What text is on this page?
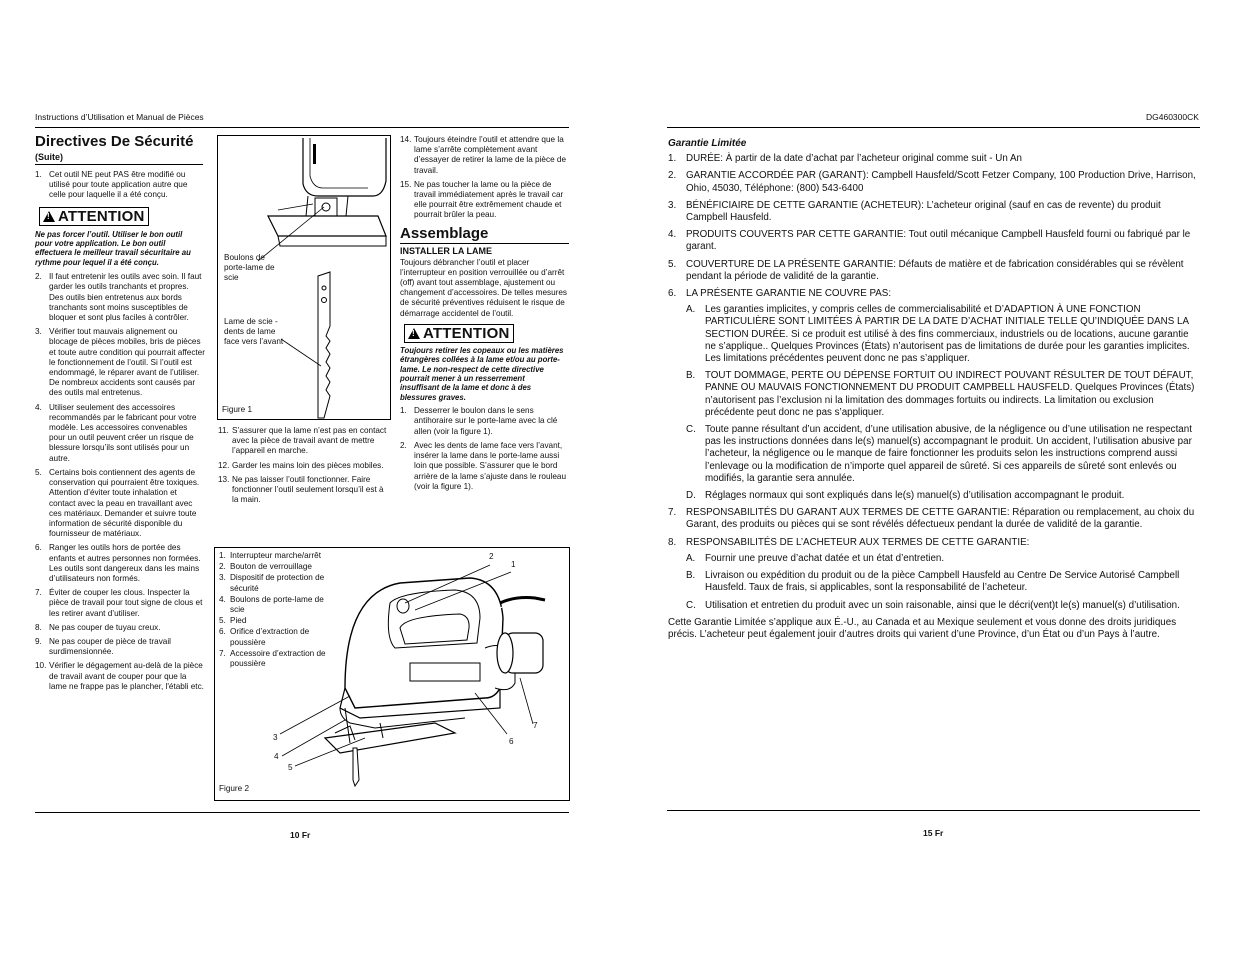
Instructions d’Utilisation et Manual de Pièces
Directives De Sécurité
(Suite)
1. Cet outil NE peut PAS être modifié ou utilisé pour toute application autre que celle pour laquelle il a été conçu.
!
ATTENTION
Ne pas forcer l’outil. Utiliser le bon outil pour votre application. Le bon outil effectuera le meilleur travail sécuritaire au rythme pour lequel il a été conçu.
2. Il faut entretenir les outils avec soin. Il faut garder les outils tranchants et propres. Des outils bien entretenus aux bords tranchants sont moins susceptibles de bloquer et sont plus faciles à contrôler.
3. Vérifier tout mauvais alignement ou blocage de pièces mobiles, bris de pièces et toute autre condition qui pourrait affecter le fonctionnement de l’outil. Si l’outil est endommagé, le réparer avant de l’utiliser. De nombreux accidents sont causés par des outils mal entretenus.
4. Utiliser seulement des accessoires recommandés par le fabricant pour votre modèle. Les accessoires convenables pour un outil peuvent créer un risque de blessure lorsqu’ils sont utilisés pour un autre.
5. Certains bois contiennent des agents de conservation qui pourraient être toxiques. Attention d’éviter toute inhalation et contact avec la peau en travaillant avec ces matériaux. Demander et suivre toute information de sécurité disponible du fournisseur de matériaux.
6. Ranger les outils hors de portée des enfants et autres personnes non formées. Les outils sont dangereux dans les mains d’utilisateurs non formés.
7. Éviter de couper les clous. Inspecter la pièce de travail pour tout signe de clous et les retirer avant d’utiliser.
8. Ne pas couper de tuyau creux.
9. Ne pas couper de pièce de travail surdimensionnée.
10. Vérifier le dégagement au-delà de la pièce de travail avant de couper pour que la lame ne frappe pas le plancher, l'établi etc.
Boulons de porte-lame de scie
Lame de scie - dents de lame face vers l’avant
Figure 1
11. S’assurer que la lame n’est pas en contact avec la pièce de travail avant de mettre l’appareil en marche.
12. Garder les mains loin des pièces mobiles.
13. Ne pas laisser l’outil fonctionner. Faire fonctionner l’outil seulement lorsqu’il est à la main.
14. Toujours éteindre l’outil et attendre que la lame s’arrête complètement avant d’essayer de retirer la lame de la pièce de travail.
15. Ne pas toucher la lame ou la pièce de travail immédiatement après le travail car elle pourrait être extrêmement chaude et pourrait brûler la peau.
Assemblage
INSTALLER LA LAME
Toujours débrancher l’outil et placer l’interrupteur en position verrouillée ou d’arrêt (off) avant tout assemblage, ajustement ou changement d’accessoires. De telles mesures de sécurité préventives réduisent le risque de démarrage accidentel de l’outil.
!
ATTENTION
Toujours retirer les copeaux ou les matières étrangères collées à la lame et/ou au porte-lame. Le non-respect de cette directive pourrait mener à un resserrement insuffisant de la lame et donc à des blessures graves.
1. Desserrer le boulon dans le sens antihoraire sur le porte-lame avec la clé allen (voir la figure 1).
2. Avec les dents de lame face vers l’avant, insérer la lame dans le porte-lame aussi loin que possible. S’assurer que le bord arrière de la lame s’ajuste dans le rouleau (voir la figure 1).
1. Interrupteur marche/arrêt
2. Bouton de verrouillage
3. Dispositif de protection de sécurité
4. Boulons de porte-lame de scie
5. Pied
6. Orifice d’extraction de poussière
7. Accessoire d’extraction de poussière
2
1
3
4
5
6
7
Figure 2
10 Fr
DG460300CK
Garantie Limitée
1. DURÉE: À partir de la date d’achat par l’acheteur original comme suit - Un An
2. GARANTIE ACCORDÉE PAR (GARANT): Campbell Hausfeld/Scott Fetzer Company, 100 Production Drive, Harrison, Ohio, 45030, Téléphone: (800) 543-6400
3. BÉNÉFICIAIRE DE CETTE GARANTIE (ACHETEUR): L’acheteur original (sauf en cas de revente) du produit Campbell Hausfeld.
4. PRODUITS COUVERTS PAR CETTE GARANTIE: Tout outil mécanique Campbell Hausfeld fourni ou fabriqué par le garant.
5. COUVERTURE DE LA PRÉSENTE GARANTIE: Défauts de matière et de fabrication considérables qui se révèlent pendant la période de validité de la garantie.
6. LA PRÉSENTE GARANTIE NE COUVRE PAS:
A. Les garanties implicites, y compris celles de commercialisabilité et D’ADAPTION À UNE FONCTION PARTICULIÈRE SONT LIMITÉES À PARTIR DE LA DATE D’ACHAT INITIALE TELLE QU’INDIQUÉE DANS LA SECTION DURÉE. Si ce produit est utilisé à des fins commerciaux, industriels ou de locations, aucune garantie ne s’applique.. Quelques Provinces (États) n’autorisent pas de limitations de durée pour les garanties implicites. Les limitations précédentes peuvent donc ne pas s’appliquer.
B. TOUT DOMMAGE, PERTE OU DÉPENSE FORTUIT OU INDIRECT POUVANT RÉSULTER DE TOUT DÉFAUT, PANNE OU MAUVAIS FONCTIONNEMENT DU PRODUIT CAMPBELL HAUSFELD. Quelques Provinces (États) n’autorisent pas l’exclusion ni la limitation des dommages fortuits ou indirects. La limitation ou exclusion précédente peut donc ne pas s’appliquer.
C. Toute panne résultant d’un accident, d’une utilisation abusive, de la négligence ou d’une utilisation ne respectant pas les instructions données dans le(s) manuel(s) accompagnant le produit. Un accident, l’utilisation abusive par l’acheteur, la négligence ou le manque de faire fonctionner les produits selon les instructions comprend aussi l’enlevage ou la modification de n’importe quel appareil de sûreté. Si ces appareils de sûreté sont enlevés ou modifiés, la garantie sera annulée.
D. Réglages normaux qui sont expliqués dans le(s) manuel(s) d’utilisation accompagnant le produit.
7. RESPONSABILITÉS DU GARANT AUX TERMES DE CETTE GARANTIE: Réparation ou remplacement, au choix du Garant, des produits ou pièces qui se sont révélés défectueux pendant la durée de validité de la garantie.
8. RESPONSABILITÉS DE L’ACHETEUR AUX TERMES DE CETTE GARANTIE:
A. Fournir une preuve d’achat datée et un état d’entretien.
B. Livraison ou expédition du produit ou de la pièce Campbell Hausfeld au Centre De Service Autorisé Campbell Hausfeld. Taux de frais, si applicables, sont la responsabilité de l’acheteur.
C. Utilisation et entretien du produit avec un soin raisonable, ainsi que le décri(vent)t le(s) manuel(s) d’utilisation.
Cette Garantie Limitée s’applique aux É.-U., au Canada et au Mexique seulement et vous donne des droits juridiques précis. L’acheteur peut également jouir d’autres droits qui varient d’une Province, d’un État ou d’un Pays à l’autre.
15 Fr
